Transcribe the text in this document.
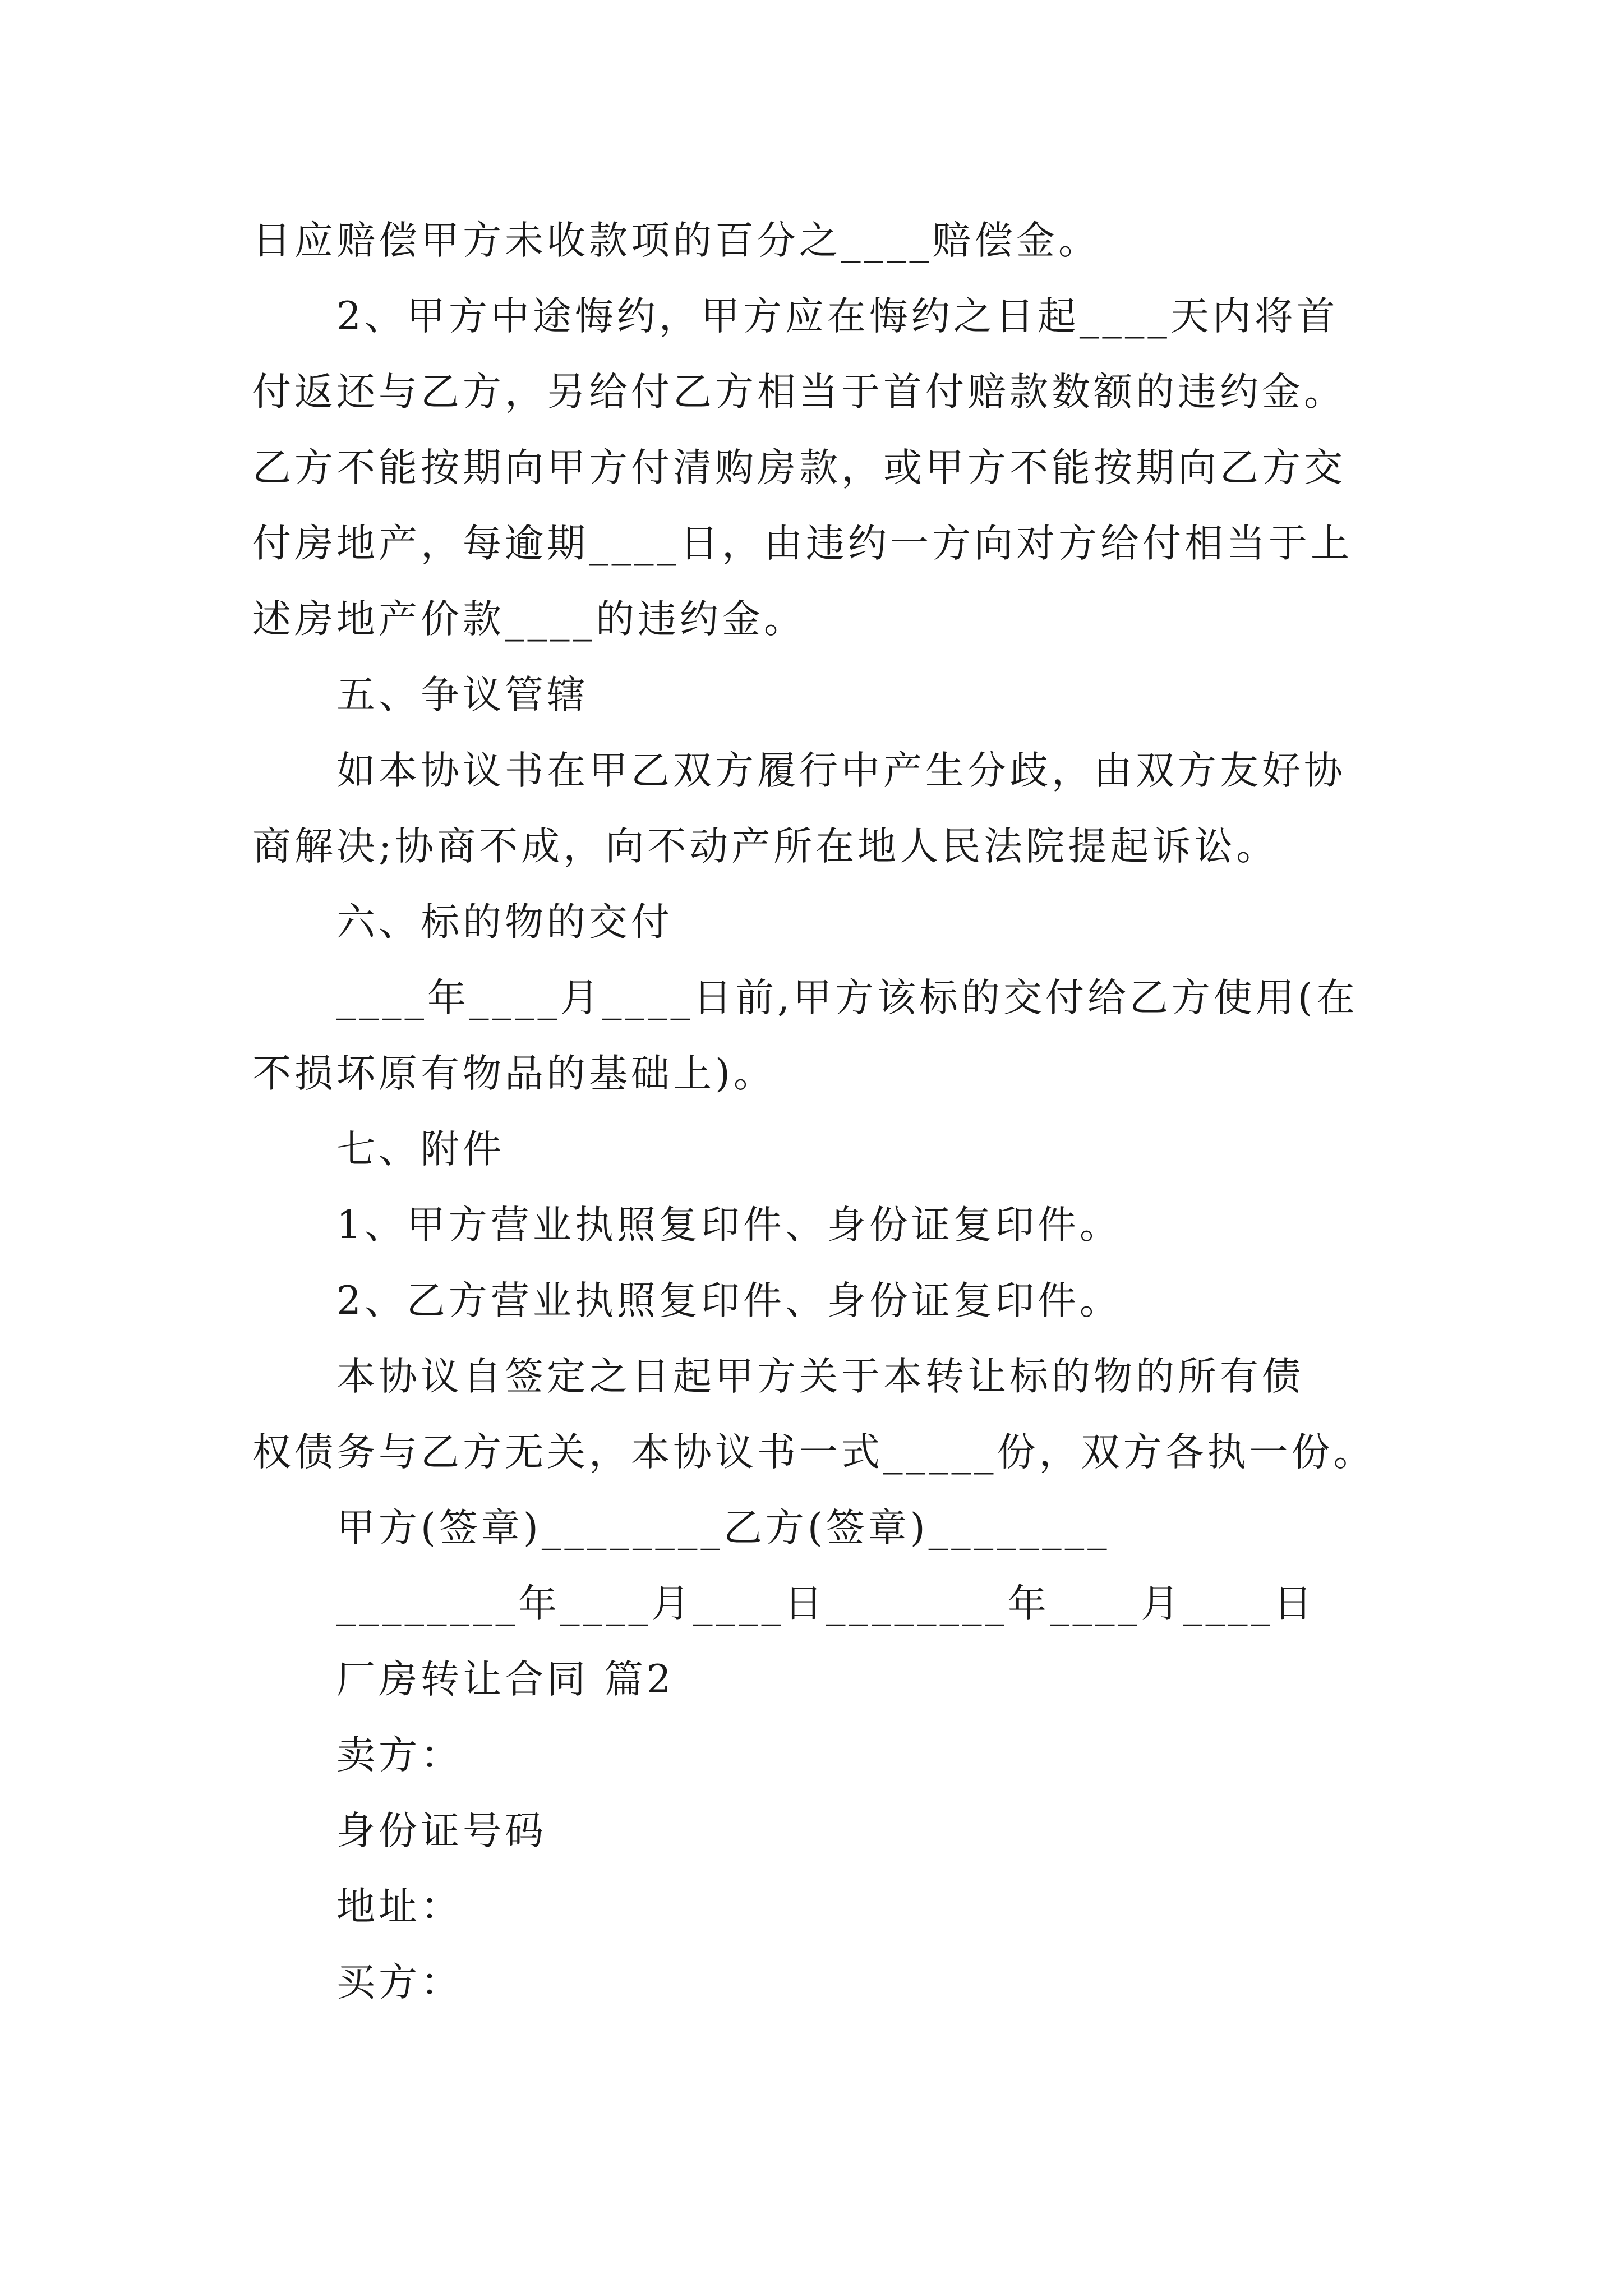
日应赔偿甲方未收款项的百分之____赔偿金。

2、甲方中途悔约，甲方应在悔约之日起____天内将首

付返还与乙方，另给付乙方相当于首付赔款数额的违约金。

乙方不能按期向甲方付清购房款，或甲方不能按期向乙方交

付房地产，每逾期____日，由违约一方向对方给付相当于上

述房地产价款____的违约金。

五、争议管辖

如本协议书在甲乙双方履行中产生分歧，由双方友好协

商解决;协商不成，向不动产所在地人民法院提起诉讼。

六、标的物的交付

____年____月____日前,甲方该标的交付给乙方使用(在

不损坏原有物品的基础上)。

七、附件

1、甲方营业执照复印件、身份证复印件。

2、乙方营业执照复印件、身份证复印件。

本协议自签定之日起甲方关于本转让标的物的所有债

权债务与乙方无关，本协议书一式_____份，双方各执一份。

甲方(签章)________乙方(签章)________

________年____月____日________年____月____日

厂房转让合同 篇2

卖方：

身份证号码

地址：

买方：
